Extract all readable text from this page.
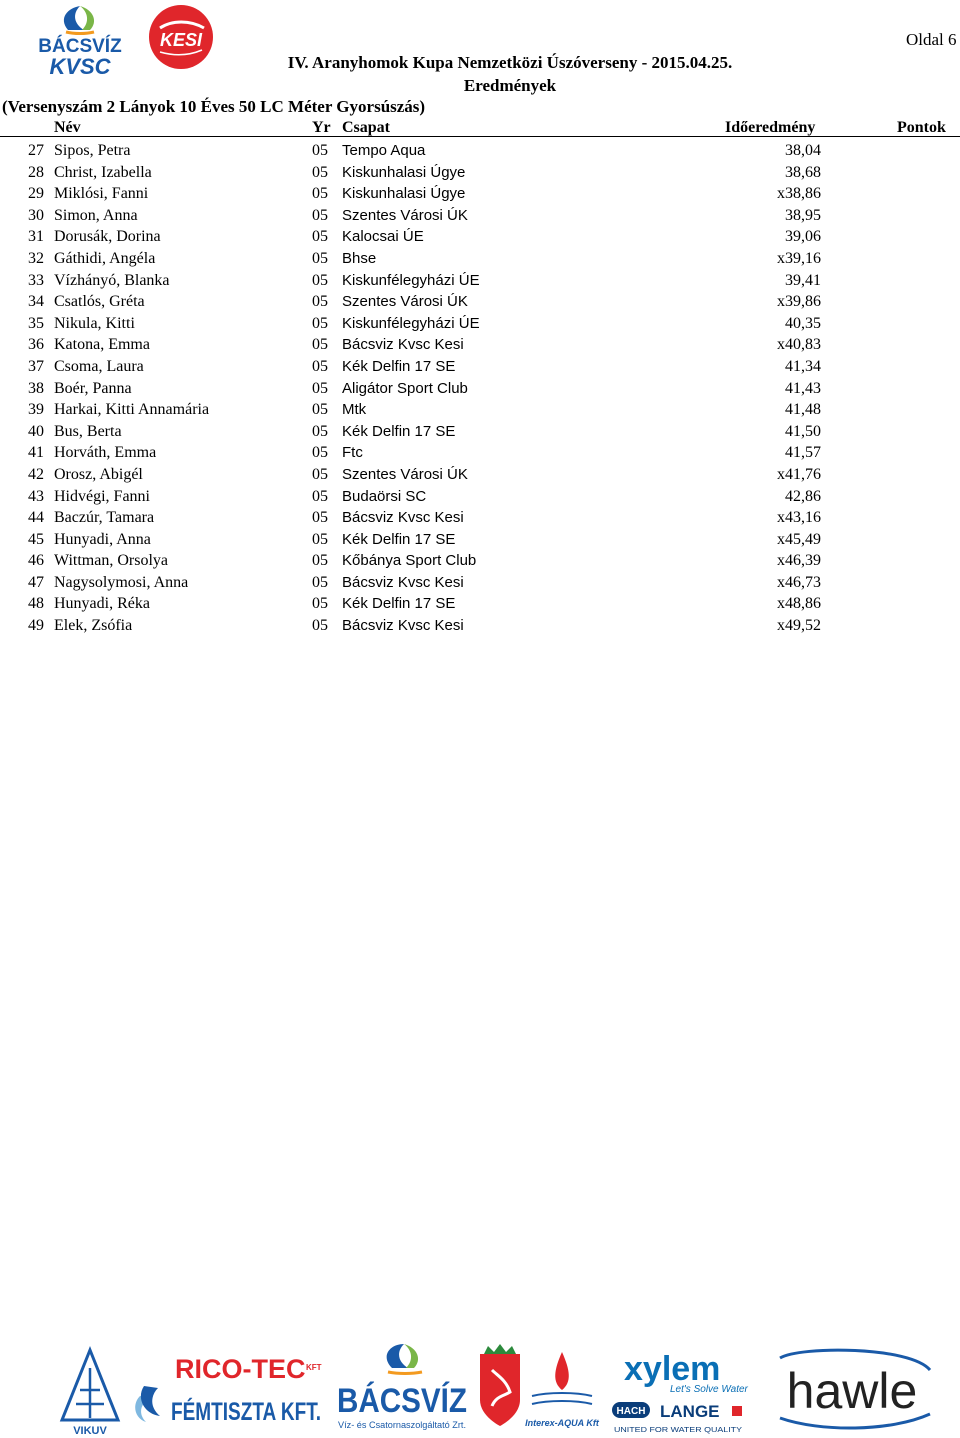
BÁCSVÍZ
KVSC
KESI	Oldal 6
IV. Aranyhomok Kupa Nemzetközi Úszóverseny - 2015.04.25.
Eredmények
(Versenyszám 2 Lányok 10 Éves 50 LC Méter Gyorsúszás)
Név	Yr Csapat	Időeredmény	Pontok
27 Sipos, Petra	05 Tempo Aqua	38,04
28 Christ, Izabella	05 Kiskunhalasi Úgye	38,68
29 Miklósi, Fanni	05 Kiskunhalasi Úgye	x38,86
30 Simon, Anna	05 Szentes Városi ÚK	38,95
31 Dorusák, Dorina	05 Kalocsai ÚE	39,06
32 Gáthidi, Angéla	05 Bhse	x39,16
33 Vízhányó, Blanka	05 Kiskunfélegyházi ÚE	39,41
34 Csatlós, Gréta	05 Szentes Városi ÚK	x39,86
35 Nikula, Kitti	05 Kiskunfélegyházi ÚE	40,35
36 Katona, Emma	05 Bácsviz Kvsc Kesi	x40,83
37 Csoma, Laura	05 Kék Delfin 17 SE	41,34
38 Boér, Panna	05 Aligátor Sport Club	41,43
39 Harkai, Kitti Annamária	05 Mtk	41,48
40 Bus, Berta	05 Kék Delfin 17 SE	41,50
41 Horváth, Emma	05 Ftc	41,57
42 Orosz, Abigél	05 Szentes Városi ÚK	x41,76
43 Hidvégi, Fanni	05 Budaörsi SC	42,86
44 Baczúr, Tamara	05 Bácsviz Kvsc Kesi	x43,16
45 Hunyadi, Anna	05 Kék Delfin 17 SE	x45,49
46 Wittman, Orsolya	05 Kőbánya Sport Club	x46,39
47 Nagysolymosi, Anna	05 Bácsviz Kvsc Kesi	x46,73
48 Hunyadi, Réka	05 Kék Delfin 17 SE	x48,86
49 Elek, Zsófia	05 Bácsviz Kvsc Kesi	x49,52
VIKUV
RICO-TEC KFT
FÉMTISZTA KFT.
BÁCSVÍZ
Víz- és Csatornaszolgáltató Zrt.	Interex-AQUA Kft
xylem
Let's Solve Water
HACH LANGE
UNITED FOR WATER QUALITY
hawle
